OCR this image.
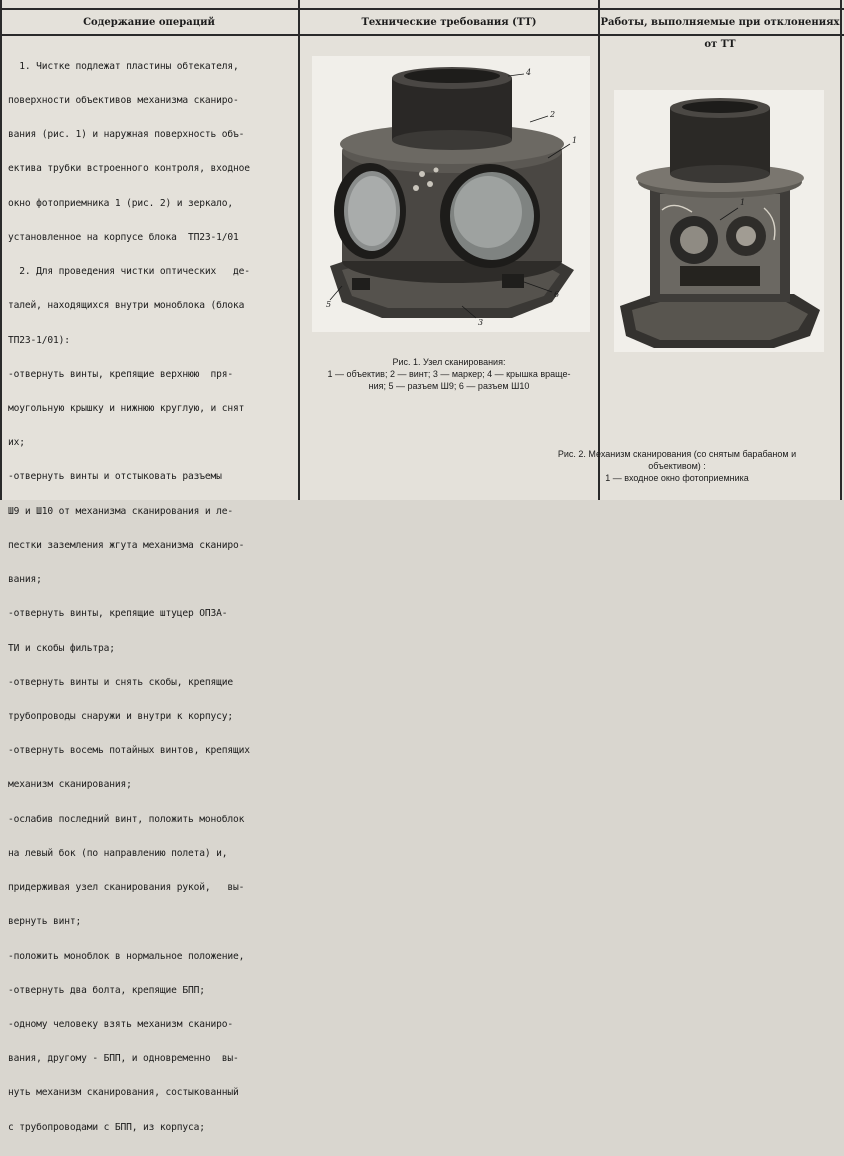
Содержание операций	Технические требования (ТТ)	Работы, выполняемые при отклонениях от ТТ

1. Чистке подлежат пластины обтекателя,

поверхности объективов механизма сканиро-

вания (рис. 1) и наружная поверхность объ-

ектива трубки встроенного контроля, входное

окно фотоприемника 1 (рис. 2) и зеркало,

установленное на корпусе блока  ТП23-1/01

2. Для проведения чистки оптических   де-

талей, находящихся внутри моноблока (блока

ТП23-1/01):

-отвернуть винты, крепящие верхнюю  пря-

моугольную крышку и нижнюю круглую, и снят

их;

-отвернуть винты и отстыковать разъемы

Ш9 и Ш10 от механизма сканирования и ле-

пестки заземления жгута механизма сканиро-

вания;

-отвернуть винты, крепящие штуцер ОПЗА-

ТИ и скобы фильтра;

-отвернуть винты и снять скобы, крепящие

трубопроводы снаружи и внутри к корпусу;

-отвернуть восемь потайных винтов, крепящих

механизм сканирования;

-ослабив последний винт, положить моноблок

на левый бок (по направлению полета) и,

придерживая узел сканирования рукой,   вы-

вернуть винт;

-положить моноблок в нормальное положение,

-отвернуть два болта, крепящие БПП;

-одному человеку взять механизм сканиро-

вания, другому - БПП, и одновременно  вы-

нуть механизм сканирования, состыкованный

с трубопроводами с БПП, из корпуса;

4
2
1
3
5
6
Рис. 1. Узел сканирования:
1 — объектив; 2 — винт; 3 — маркер; 4 — крышка враще-
ния; 5 — разъем Ш9; 6 — разъем Ш10
1
Рис. 2. Механизм сканирования (со снятым барабаном и
объективом) :
1 — входное окно фотоприемника
